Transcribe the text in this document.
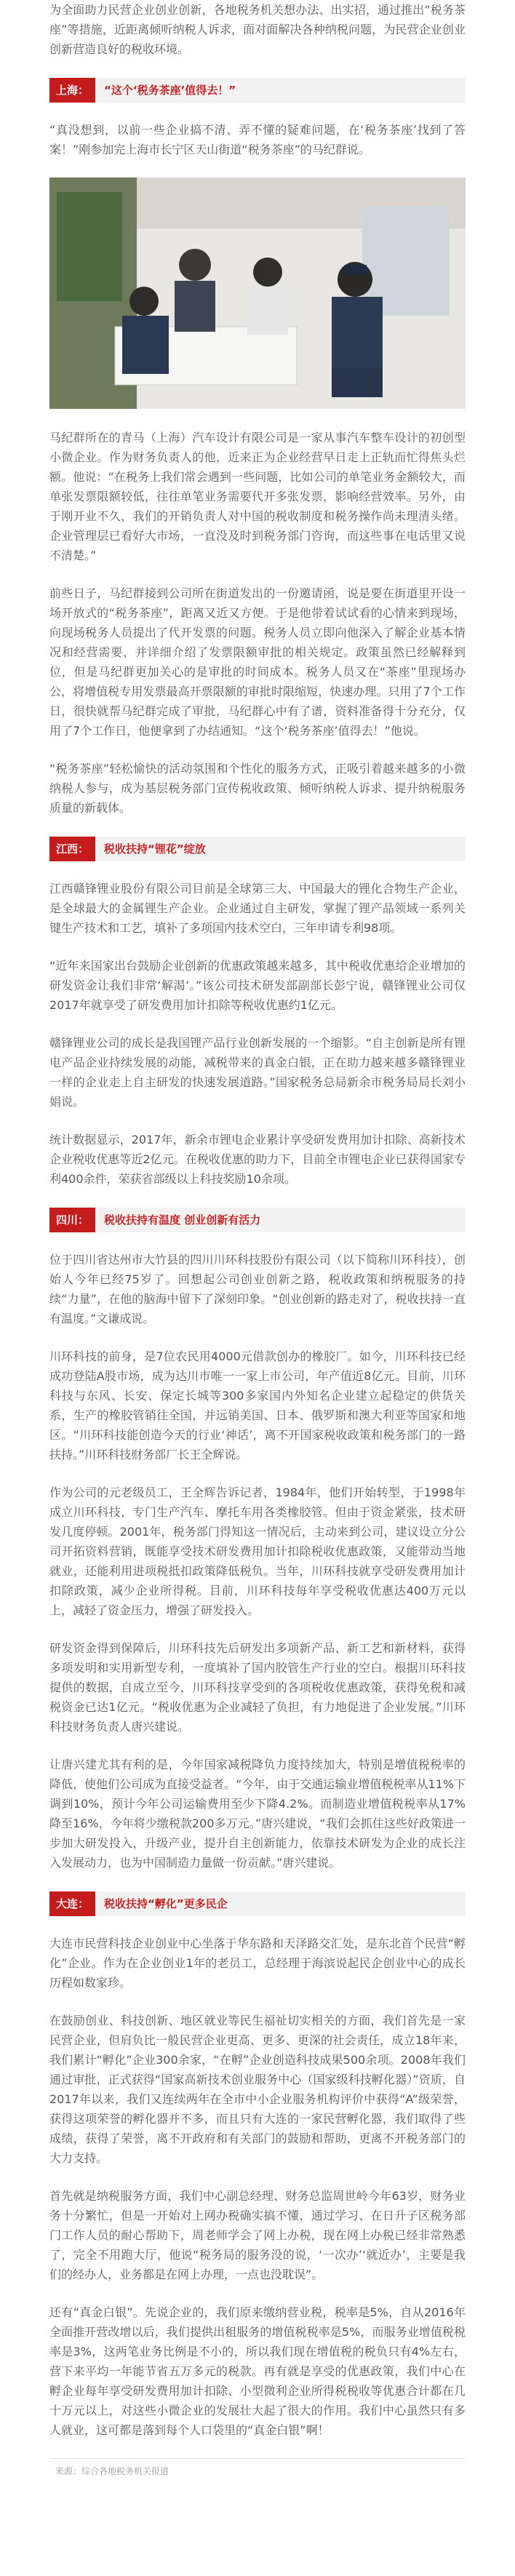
为全面助力民营企业创业创新，各地税务机关想办法、出实招，通过推出“税务茶座”等措施，近距离倾听纳税人诉求，面对面解决各种纳税问题，为民营企业创业创新营造良好的税收环境。

上海：	“这个‘税务茶座’值得去！”

“真没想到，以前一些企业搞不清、弄不懂的疑难问题，在‘税务茶座’找到了答案！”刚参加完上海市长宁区天山街道“税务茶座”的马纪群说。

马纪群所在的青马（上海）汽车设计有限公司是一家从事汽车整车设计的初创型小微企业。作为财务负责人的他，近来正为企业经营早日走上正轨而忙得焦头烂额。他说：“在税务上我们常会遇到一些问题，比如公司的单笔业务金额较大，而单张发票限额较低，往往单笔业务需要代开多张发票，影响经营效率。另外，由于刚开业不久，我们的开销负责人对中国的税收制度和税务操作尚未理清头绪。企业管理层已看好大市场，一直没及时到税务部门咨询，而这些事在电话里又说不清楚。”

前些日子，马纪群接到公司所在街道发出的一份邀请函，说是要在街道里开设一场开放式的“税务茶座”，距离又近又方便。于是他带着试试看的心情来到现场，向现场税务人员提出了代开发票的问题。税务人员立即向他深入了解企业基本情况和经营需要，并详细介绍了发票限额审批的相关规定。政策虽然已经解释到位，但是马纪群更加关心的是审批的时间成本。税务人员又在“茶座”里现场办公，将增值税专用发票最高开票限额的审批时限缩短，快速办理。只用了7个工作日，很快就帮马纪群完成了审批，马纪群心中有了谱，资料准备得十分充分，仅用了7个工作日，他便拿到了办结通知。“这个‘税务茶座’值得去！”他说。

“税务茶座”轻松愉快的活动氛围和个性化的服务方式，正吸引着越来越多的小微纳税人参与，成为基层税务部门宣传税收政策、倾听纳税人诉求、提升纳税服务质量的新载体。

江西：	税收扶持“锂花”绽放

江西赣锋锂业股份有限公司目前是全球第三大、中国最大的锂化合物生产企业，是全球最大的金属锂生产企业。企业通过自主研发，掌握了锂产品领域一系列关键生产技术和工艺，填补了多项国内技术空白，三年申请专利98项。

“近年来国家出台鼓励企业创新的优惠政策越来越多，其中税收优惠给企业增加的研发资金让我们非常‘解渴’。”该公司技术研发部副部长彭宁说，赣锋锂业公司仅2017年就享受了研发费用加计扣除等税收优惠约1亿元。

赣锋锂业公司的成长是我国锂产品行业创新发展的一个缩影。“自主创新是所有锂电产品企业持续发展的动能，减税带来的真金白银，正在助力越来越多赣锋锂业一样的企业走上自主研发的快速发展道路。”国家税务总局新余市税务局局长刘小娟说。

统计数据显示，2017年，新余市锂电企业累计享受研发费用加计扣除、高新技术企业税收优惠等近2亿元。在税收优惠的助力下，目前全市锂电企业已获得国家专利400余件，荣获省部级以上科技奖励10余项。

四川：	税收扶持有温度 创业创新有活力

位于四川省达州市大竹县的四川川环科技股份有限公司（以下简称川环科技），创始人今年已经75岁了。回想起公司创业创新之路，税收政策和纳税服务的持续“力量”，在他的脑海中留下了深刻印象。“创业创新的路走对了，税收扶持一直有温度。”文谦成说。

川环科技的前身，是7位农民用4000元借款创办的橡胶厂。如今，川环科技已经成功登陆A股市场，成为达川市唯一一家上市公司，年产值近8亿元。目前，川环科技与东风、长安、保定长城等300多家国内外知名企业建立起稳定的供货关系，生产的橡胶管销往全国，并远销美国、日本、俄罗斯和澳大利亚等国家和地区。“川环科技能创造今天的行业‘神话’，离不开国家税收政策和税务部门的一路扶持。”川环科技财务部厂长王全辉说。

作为公司的元老级员工，王全辉告诉记者，1984年，他们开始转型，于1998年成立川环科技，专门生产汽车、摩托车用各类橡胶管。但由于资金紧张，技术研发几度停顿。2001年，税务部门得知这一情况后，主动来到公司，建议设立分公司开拓资料营销，既能享受技术研发费用加计扣除税收优惠政策，又能带动当地就业，还能利用进项税抵扣政策降低税负。当年，川环科技就享受研发费用加计扣除政策，减少企业所得税。目前，川环科技每年享受税收优惠达400万元以上，减轻了资金压力，增强了研发投入。

研发资金得到保障后，川环科技先后研发出多项新产品、新工艺和新材料，获得多项发明和实用新型专利，一度填补了国内胶管生产行业的空白。根据川环科技提供的数据，自成立至今，川环科技享受到的各项税收优惠政策，获得免税和减税资金已达1亿元。“税收优惠为企业减轻了负担，有力地促进了企业发展。”川环科技财务负责人唐兴建说。

让唐兴建尤其有利的是，今年国家减税降负力度持续加大，特别是增值税税率的降低，使他们公司成为直接受益者。“今年，由于交通运输业增值税税率从11%下调到10%，预计今年公司运输费用至少下降4.2%。而制造业增值税税率从17%降至16%，今年将少缴税款200多万元。”唐兴建说，“我们会抓住这些好政策进一步加大研发投入，升级产业，提升自主创新能力，依靠技术研发为企业的成长注入发展动力，也为中国制造力量做一份贡献。”唐兴建说。

大连：	税收扶持“孵化”更多民企

大连市民营科技企业创业中心坐落于华东路和天泽路交汇处，是东北首个民营“孵化”企业。作为在企业创业1年的老员工，总经理于海滨说起民企创业中心的成长历程如数家珍。

在鼓励创业、科技创新、地区就业等民生福祉切实相关的方面，我们首先是一家民营企业，但肩负比一般民营企业更高、更多、更深的社会责任，成立18年来，我们累计“孵化”企业300余家，“在孵”企业创造科技成果500余项。2008年我们通过审批，正式获得“国家高新技术创业服务中心（国家级科技孵化器）”资质，自2017年以来，我们又连续两年在全市中小企业服务机构评价中获得“A”级荣誉，获得这项荣誉的孵化器并不多，而且只有大连的一家民营孵化器，我们取得了些成绩，获得了荣誉，离不开政府和有关部门的鼓励和帮助，更离不开税务部门的大力支持。

首先就是纳税服务方面，我们中心副总经理、财务总监周世岭今年63岁，财务业务十分繁忙，但是一开始对上网办税确实搞不懂，通过学习、在日升子区税务部门工作人员的耐心帮助下，周老师学会了网上办税，现在网上办税已经非常熟悉了，完全不用跑大厅，他说“税务局的服务没的说，‘一次办’‘就近办’，主要是我们的经办人，业务都是在网上办理，一点也没耽误”。

还有“真金白银”。先说企业的，我们原来缴纳营业税，税率是5%，自从2016年全面推开营改增以后，我们提供出租服务的增值税税率是5%，而服务业增值税税率是3%，这两笔业务比例是不小的，所以我们现在增值税的税负只有4%左右，营下来平均一年能节省五万多元的税款。再有就是享受的优惠政策，我们中心在孵企业每年享受研发费用加计扣除、小型微利企业所得税税收等优惠合计都在几十万元以上，对这些小微企业的发展壮大起了很大的作用。我们中心虽然只有多人就业，这可都是落到每个人口袋里的“真金白银”啊！

来源：综合各地税务机关报道
